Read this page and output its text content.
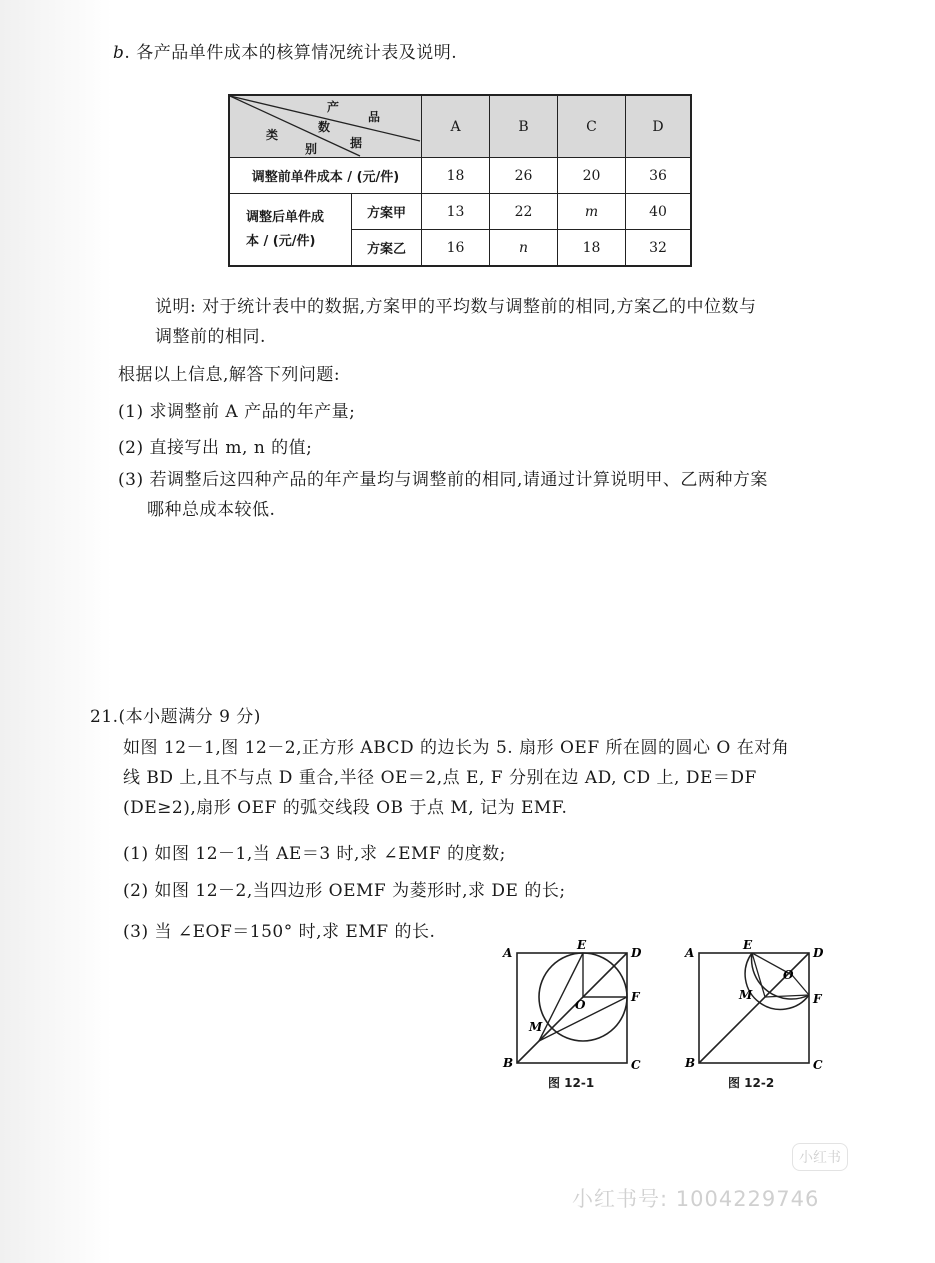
b. 各产品单件成本的核算情况统计表及说明.
产
品
数
据
类
别
A	B	C	D
调整前单件成本 / (元/件)	18	26	20	36
调整后单件成
本 / (元/件)
方案甲	13	22	m	40
方案乙	16	n	18	32
说明: 对于统计表中的数据,方案甲的平均数与调整前的相同,方案乙的中位数与
调整前的相同.
根据以上信息,解答下列问题:
(1) 求调整前 A 产品的年产量;
(2) 直接写出 m, n 的值;
(3) 若调整后这四种产品的年产量均与调整前的相同,请通过计算说明甲、乙两种方案
哪种总成本较低.
21.(本小题满分 9 分)
如图 12－1,图 12－2,正方形 ABCD 的边长为 5. 扇形 OEF 所在圆的圆心 O 在对角
线 BD 上,且不与点 D 重合,半径 OE＝2,点 E, F 分别在边 AD, CD 上, DE＝DF
(DE≥2),扇形 OEF 的弧交线段 OB 于点 M, 记为 EMF.
(1) 如图 12－1,当 AE＝3 时,求 ∠EMF 的度数;
(2) 如图 12－2,当四边形 OEMF 为菱形时,求 DE 的长;
(3) 当 ∠EOF＝150° 时,求 EMF 的长.
A
B	C
D
E
F
M
O
图 12-1
A
B	C
D
E
F
M
O
图 12-2
小红书
小红书号: 1004229746
